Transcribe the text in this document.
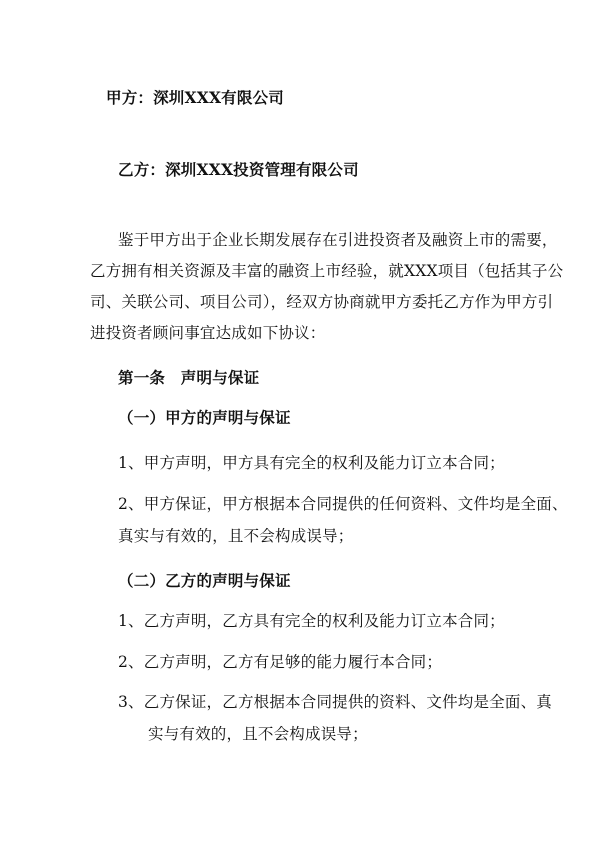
甲方：深圳XXX有限公司
乙方：深圳XXX投资管理有限公司
鉴于甲方出于企业长期发展存在引进投资者及融资上市的需要，
乙方拥有相关资源及丰富的融资上市经验，就XXX项目（包括其子公
司、关联公司、项目公司），经双方协商就甲方委托乙方作为甲方引
进投资者顾问事宜达成如下协议：
第一条　声明与保证
（一）甲方的声明与保证
1、甲方声明，甲方具有完全的权利及能力订立本合同；
2、甲方保证，甲方根据本合同提供的任何资料、文件均是全面、
真实与有效的，且不会构成误导；
（二）乙方的声明与保证
1、乙方声明，乙方具有完全的权利及能力订立本合同；
2、乙方声明，乙方有足够的能力履行本合同；
3、乙方保证，乙方根据本合同提供的资料、文件均是全面、真
实与有效的，且不会构成误导；
